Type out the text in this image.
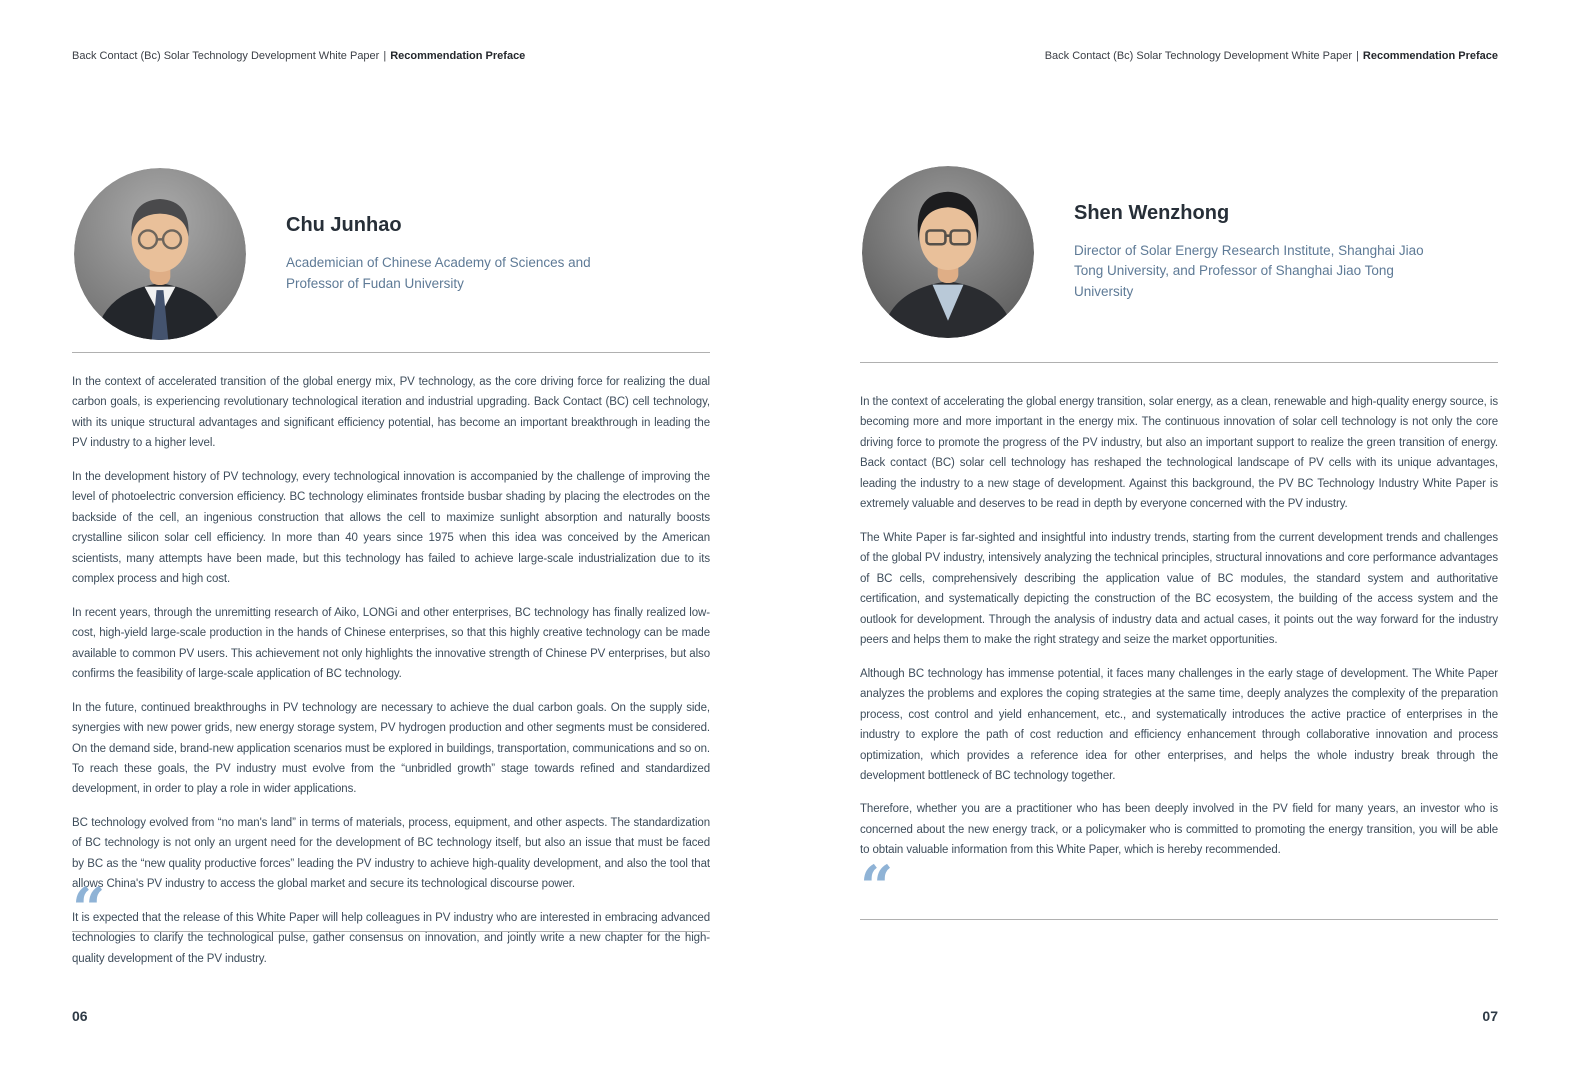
Back Contact (Bc) Solar Technology Development White Paper | Recommendation Preface
Chu Junhao

Academician of Chinese Academy of Sciences and Professor of Fudan University

In the context of accelerated transition of the global energy mix, PV technology, as the core driving force for realizing the dual carbon goals, is experiencing revolutionary technological iteration and industrial upgrading. Back Contact (BC) cell technology, with its unique structural advantages and significant efficiency potential, has become an important breakthrough in leading the PV industry to a higher level.

In the development history of PV technology, every technological innovation is accompanied by the challenge of improving the level of photoelectric conversion efficiency. BC technology eliminates frontside busbar shading by placing the electrodes on the backside of the cell, an ingenious construction that allows the cell to maximize sunlight absorption and naturally boosts crystalline silicon solar cell efficiency. In more than 40 years since 1975 when this idea was conceived by the American scientists, many attempts have been made, but this technology has failed to achieve large-scale industrialization due to its complex process and high cost.

In recent years, through the unremitting research of Aiko, LONGi and other enterprises, BC technology has finally realized low-cost, high-yield large-scale production in the hands of Chinese enterprises, so that this highly creative technology can be made available to common PV users. This achievement not only highlights the innovative strength of Chinese PV enterprises, but also confirms the feasibility of large-scale application of BC technology.

In the future, continued breakthroughs in PV technology are necessary to achieve the dual carbon goals. On the supply side, synergies with new power grids, new energy storage system, PV hydrogen production and other segments must be considered. On the demand side, brand-new application scenarios must be explored in buildings, transportation, communications and so on. To reach these goals, the PV industry must evolve from the “unbridled growth” stage towards refined and standardized development, in order to play a role in wider applications.

BC technology evolved from “no man's land” in terms of materials, process, equipment, and other aspects. The standardization of BC technology is not only an urgent need for the development of BC technology itself, but also an issue that must be faced by BC as the “new quality productive forces” leading the PV industry to achieve high-quality development, and also the tool that allows China's PV industry to access the global market and secure its technological discourse power.

It is expected that the release of this White Paper will help colleagues in PV industry who are interested in embracing advanced technologies to clarify the technological pulse, gather consensus on innovation, and jointly write a new chapter for the high-quality development of the PV industry.

“
06
Back Contact (Bc) Solar Technology Development White Paper | Recommendation Preface
Shen Wenzhong

Director of Solar Energy Research Institute, Shanghai Jiao Tong University, and Professor of Shanghai Jiao Tong University

In the context of accelerating the global energy transition, solar energy, as a clean, renewable and high-quality energy source, is becoming more and more important in the energy mix. The continuous innovation of solar cell technology is not only the core driving force to promote the progress of the PV industry, but also an important support to realize the green transition of energy. Back contact (BC) solar cell technology has reshaped the technological landscape of PV cells with its unique advantages, leading the industry to a new stage of development. Against this background, the PV BC Technology Industry White Paper is extremely valuable and deserves to be read in depth by everyone concerned with the PV industry.

The White Paper is far-sighted and insightful into industry trends, starting from the current development trends and challenges of the global PV industry, intensively analyzing the technical principles, structural innovations and core performance advantages of BC cells, comprehensively describing the application value of BC modules, the standard system and authoritative certification, and systematically depicting the construction of the BC ecosystem, the building of the access system and the outlook for development. Through the analysis of industry data and actual cases, it points out the way forward for the industry peers and helps them to make the right strategy and seize the market opportunities.

Although BC technology has immense potential, it faces many challenges in the early stage of development. The White Paper analyzes the problems and explores the coping strategies at the same time, deeply analyzes the complexity of the preparation process, cost control and yield enhancement, etc., and systematically introduces the active practice of enterprises in the industry to explore the path of cost reduction and efficiency enhancement through collaborative innovation and process optimization, which provides a reference idea for other enterprises, and helps the whole industry break through the development bottleneck of BC technology together.

Therefore, whether you are a practitioner who has been deeply involved in the PV field for many years, an investor who is concerned about the new energy track, or a policymaker who is committed to promoting the energy transition, you will be able to obtain valuable information from this White Paper, which is hereby recommended.

“
07
